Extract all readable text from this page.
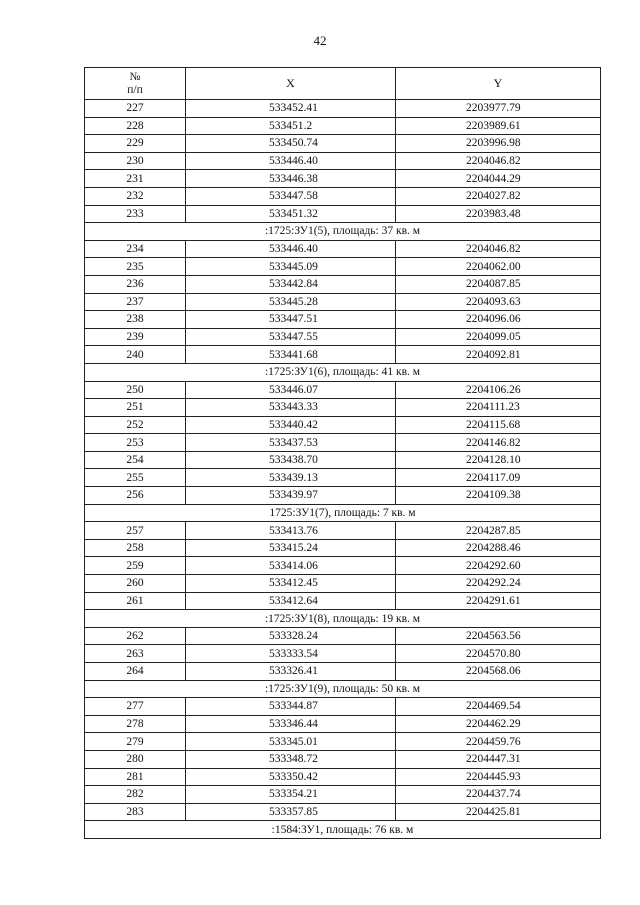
42
№
п/п	X	Y
227	533452.41	2203977.79
228	533451.2	2203989.61
229	533450.74	2203996.98
230	533446.40	2204046.82
231	533446.38	2204044.29
232	533447.58	2204027.82
233	533451.32	2203983.48
:1725:ЗУ1(5), площадь: 37 кв. м		
234	533446.40	2204046.82
235	533445.09	2204062.00
236	533442.84	2204087.85
237	533445.28	2204093.63
238	533447.51	2204096.06
239	533447.55	2204099.05
240	533441.68	2204092.81
:1725:ЗУ1(6), площадь: 41 кв. м		
250	533446.07	2204106.26
251	533443.33	2204111.23
252	533440.42	2204115.68
253	533437.53	2204146.82
254	533438.70	2204128.10
255	533439.13	2204117.09
256	533439.97	2204109.38
1725:ЗУ1(7), площадь: 7 кв. м		
257	533413.76	2204287.85
258	533415.24	2204288.46
259	533414.06	2204292.60
260	533412.45	2204292.24
261	533412.64	2204291.61
:1725:ЗУ1(8), площадь: 19 кв. м		
262	533328.24	2204563.56
263	533333.54	2204570.80
264	533326.41	2204568.06
:1725:ЗУ1(9), площадь: 50 кв. м		
277	533344.87	2204469.54
278	533346.44	2204462.29
279	533345.01	2204459.76
280	533348.72	2204447.31
281	533350.42	2204445.93
282	533354.21	2204437.74
283	533357.85	2204425.81
:1584:ЗУ1, площадь: 76 кв. м		
